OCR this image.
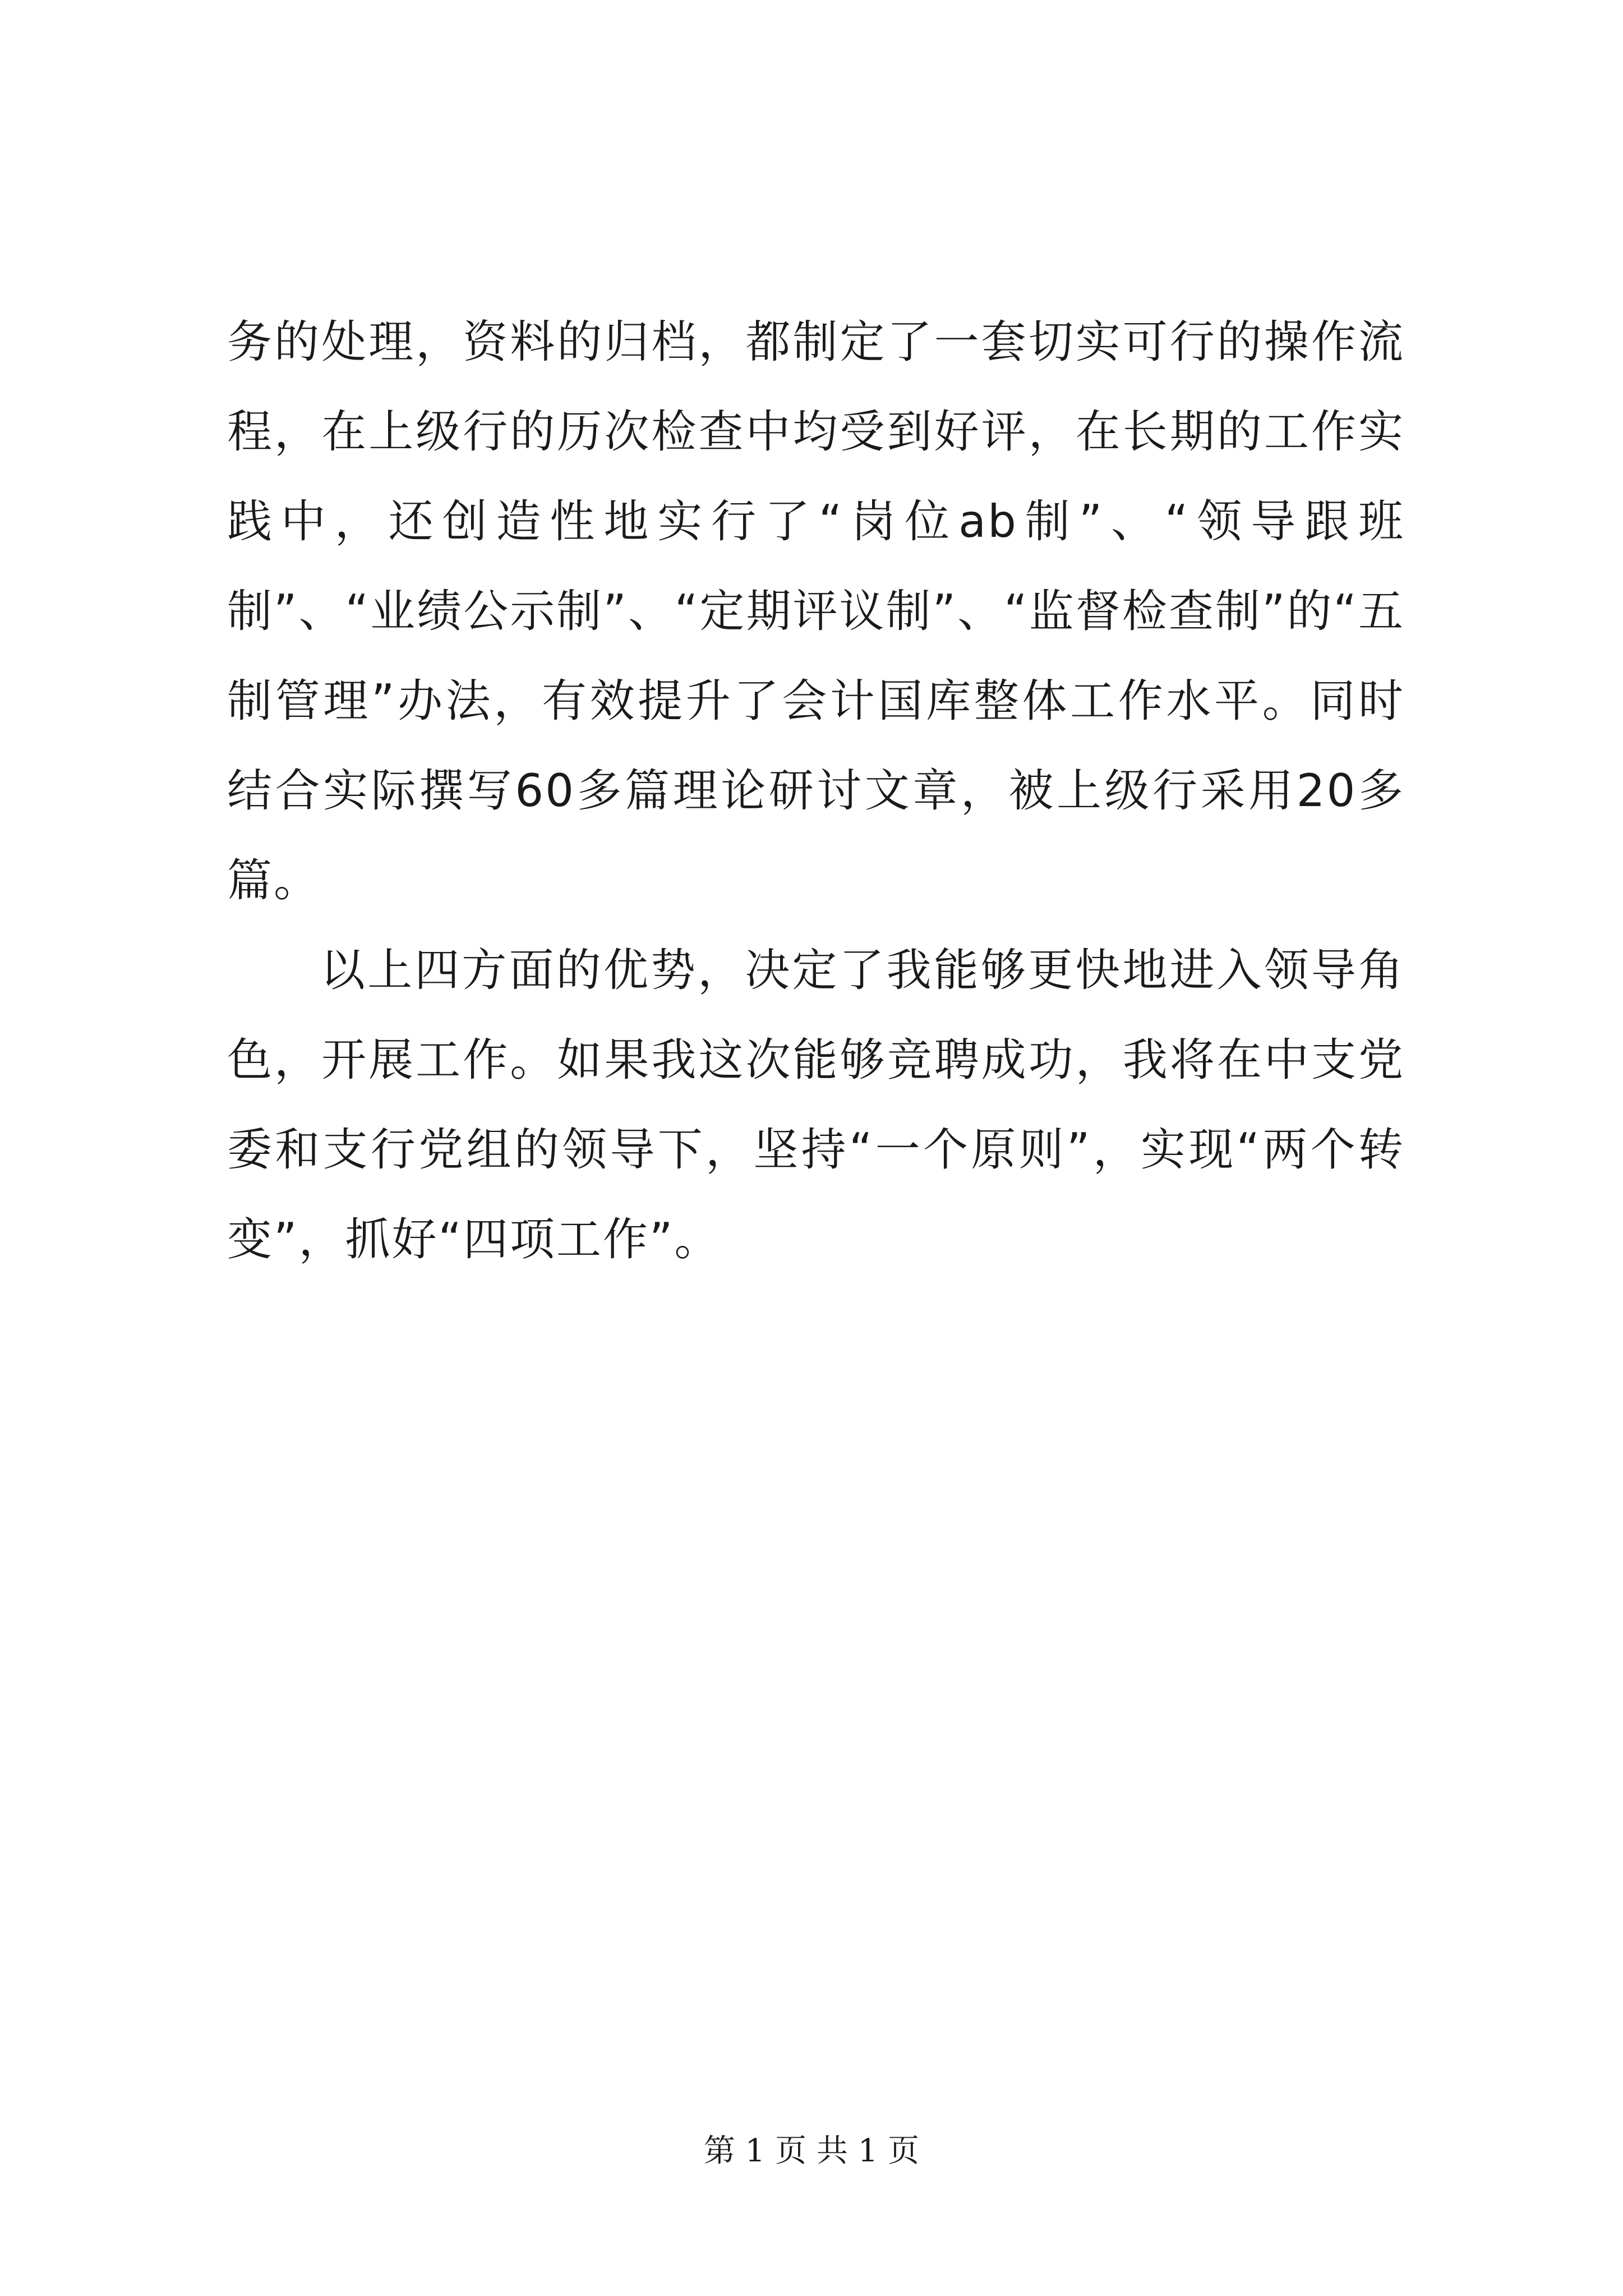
务的处理，资料的归档，都制定了一套切实可行的操作流程，在上级行的历次检查中均受到好评，在长期的工作实践中，还创造性地实行了“岗位ab制”、“领导跟班制”、“业绩公示制”、“定期评议制”、“监督检查制”的“五制管理”办法，有效提升了会计国库整体工作水平。同时结合实际撰写60多篇理论研讨文章，被上级行采用20多篇。

以上四方面的优势，决定了我能够更快地进入领导角色，开展工作。如果我这次能够竞聘成功，我将在中支党委和支行党组的领导下，坚持“一个原则”，实现“两个转变”，抓好“四项工作”。

第 1 页 共 1 页
